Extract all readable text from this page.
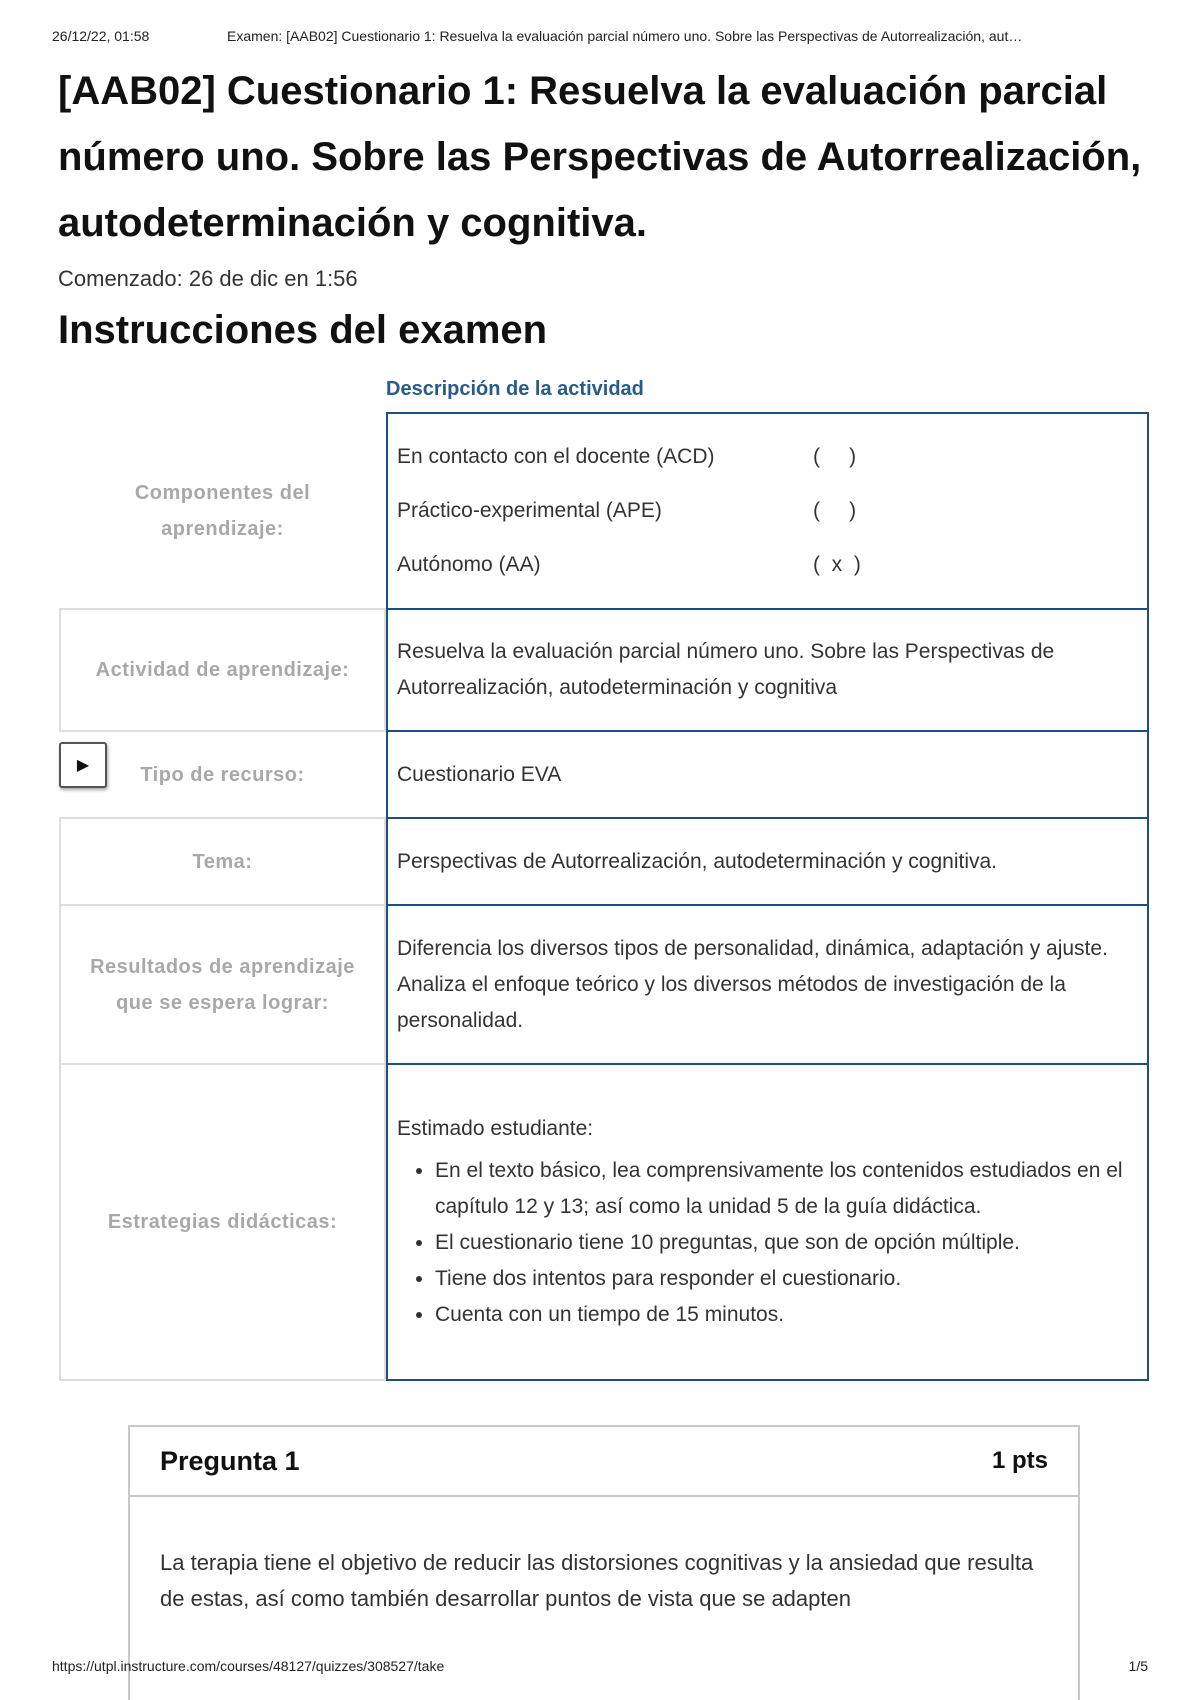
26/12/22, 01:58	Examen: [AAB02] Cuestionario 1: Resuelva la evaluación parcial número uno. Sobre las Perspectivas de Autorrealización, aut…
[AAB02] Cuestionario 1: Resuelva la evaluación parcial número uno. Sobre las Perspectivas de Autorrealización, autodeterminación y cognitiva.
Comenzado: 26 de dic en 1:56
Instrucciones del examen
Descripción de la actividad
Componentes del aprendizaje:
En contacto con el docente (ACD)	(     )
Práctico-experimental (APE)	(     )
Autónomo (AA)	(  x  )
Actividad de aprendizaje:
Resuelva la evaluación parcial número uno. Sobre las Perspectivas de Autorrealización, autodeterminación y cognitiva
Tipo de recurso:
▶	Cuestionario EVA
Tema:	Perspectivas de Autorrealización, autodeterminación y cognitiva.
Resultados de aprendizaje que se espera lograr:
Diferencia los diversos tipos de personalidad, dinámica, adaptación y ajuste. Analiza el enfoque teórico y los diversos métodos de investigación de la personalidad.
Estrategias didácticas:
Estimado estudiante:
• En el texto básico, lea comprensivamente los contenidos estudiados en el capítulo 12 y 13; así como la unidad 5 de la guía didáctica.
• El cuestionario tiene 10 preguntas, que son de opción múltiple.
• Tiene dos intentos para responder el cuestionario.
• Cuenta con un tiempo de 15 minutos.
Pregunta 1	1 pts
La terapia tiene el objetivo de reducir las distorsiones cognitivas y la ansiedad que resulta de estas, así como también desarrollar puntos de vista que se adapten
https://utpl.instructure.com/courses/48127/quizzes/308527/take	1/5
